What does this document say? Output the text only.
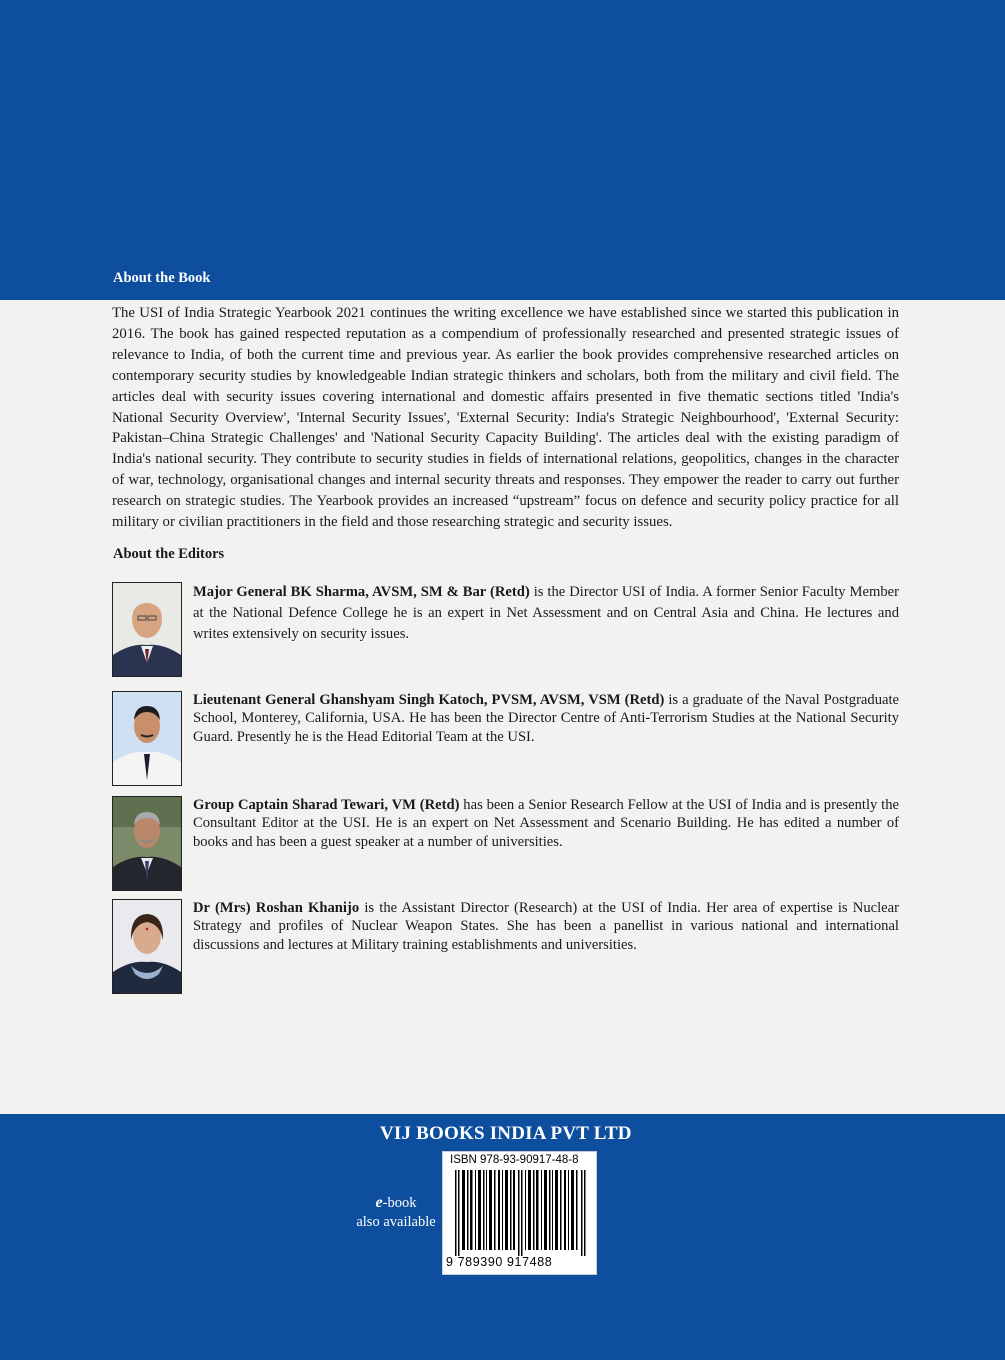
About the Book

The USI of India Strategic Yearbook 2021 continues the writing excellence we have established since we started this publication in 2016. The book has gained respected reputation as a compendium of professionally researched and presented strategic issues of relevance to India, of both the current time and previous year. As earlier the book provides comprehensive researched articles on contemporary security studies by knowledgeable Indian strategic thinkers and scholars, both from the military and civil field. The articles deal with security issues covering international and domestic affairs presented in five thematic sections titled 'India's National Security Overview', 'Internal Security Issues', 'External Security: India's Strategic Neighbourhood', 'External Security: Pakistan–China Strategic Challenges' and 'National Security Capacity Building'. The articles deal with the existing paradigm of India's national security. They contribute to security studies in fields of international relations, geopolitics, changes in the character of war, technology, organisational changes and internal security threats and responses. They empower the reader to carry out further research on strategic studies. The Yearbook provides an increased “upstream” focus on defence and security policy practice for all military or civilian practitioners in the field and those researching strategic and security issues.

About the Editors

Major General BK Sharma, AVSM, SM & Bar (Retd) is the Director USI of India. A former Senior Faculty Member at the National Defence College he is an expert in Net Assessment and on Central Asia and China. He lectures and writes extensively on security issues.

Lieutenant General Ghanshyam Singh Katoch, PVSM, AVSM, VSM (Retd) is a graduate of the Naval Postgraduate School, Monterey, California, USA. He has been the Director Centre of Anti-Terrorism Studies at the National Security Guard. Presently he is the Head Editorial Team at the USI.

Group Captain Sharad Tewari, VM (Retd) has been a Senior Research Fellow at the USI of India and is presently the Consultant Editor at the USI. He is an expert on Net Assessment and Scenario Building. He has edited a number of books and has been a guest speaker at a number of universities.

Dr (Mrs) Roshan Khanijo is the Assistant Director (Research) at the USI of India. Her area of expertise is Nuclear Strategy and profiles of Nuclear Weapon States. She has been a panellist in various national and international discussions and lectures at Military training establishments and universities.

VIJ BOOKS INDIA PVT LTD
e-book
also available
ISBN 978-93-90917-48-8
9 789390 917488
